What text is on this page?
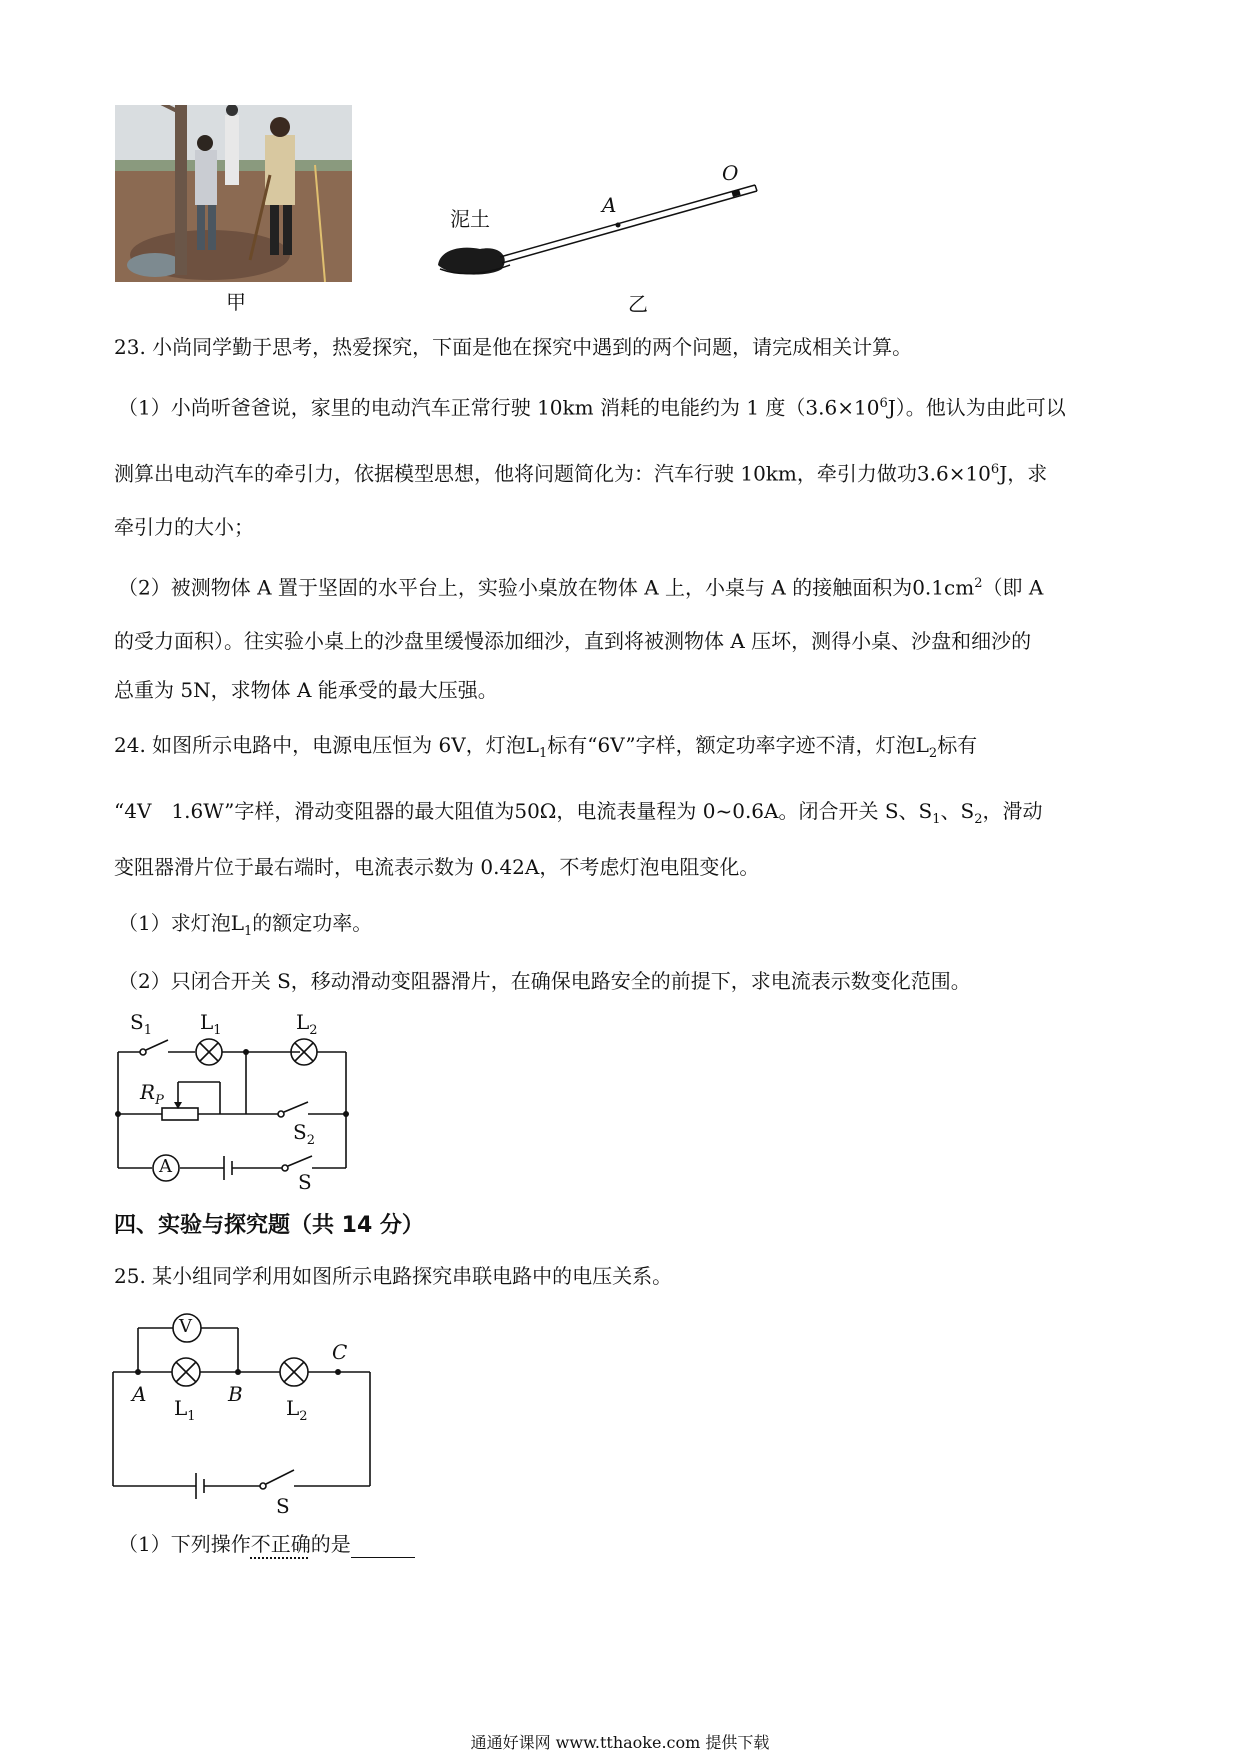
甲
泥土
A
O
乙
23. 小尚同学勤于思考，热爱探究，下面是他在探究中遇到的两个问题，请完成相关计算。
（1）小尚听爸爸说，家里的电动汽车正常行驶 10km 消耗的电能约为 1 度$(3.6\times 10^6J)$。他认为由此可以
测算出电动汽车的牵引力，依据模型思想，他将问题简化为：汽车行驶 10km，牵引力做功$3.6\times 10^6J$，求
牵引力的大小；
（2）被测物体 A 置于坚固的水平台上，实验小桌放在物体 A 上，小桌与 A 的接触面积为$0.1cm^2$（即 A
的受力面积）。往实验小桌上的沙盘里缓慢添加细沙，直到将被测物体 A 压坏，测得小桌、沙盘和细沙的
总重为 5N，求物体 A 能承受的最大压强。
24. 如图所示电路中，电源电压恒为 6V，灯泡$L_1$标有“6V”字样，额定功率字迹不清，灯泡$L_2$标有
“4V　1.6W”字样，滑动变阻器的最大阻值为50Ω，电流表量程为 0~0.6A。闭合开关 S、$S_1$、$S_2$，滑动
变阻器滑片位于最右端时，电流表示数为 0.42A，不考虑灯泡电阻变化。
（1）求灯泡$L_1$的额定功率。
（2）只闭合开关 S，移动滑动变阻器滑片，在确保电路安全的前提下，求电流表示数变化范围。
$S_1$ $L_1$	$L_2$
$R_P$
$S_2$
A
S
四、实验与探究题（共 14 分）
25. 某小组同学利用如图所示电路探究串联电路中的电压关系。
V
A	B
C
$L_1$	$L_2$
S
（1）下列操作不正确的是
通通好课网 www.tthaoke.com 提供下载
